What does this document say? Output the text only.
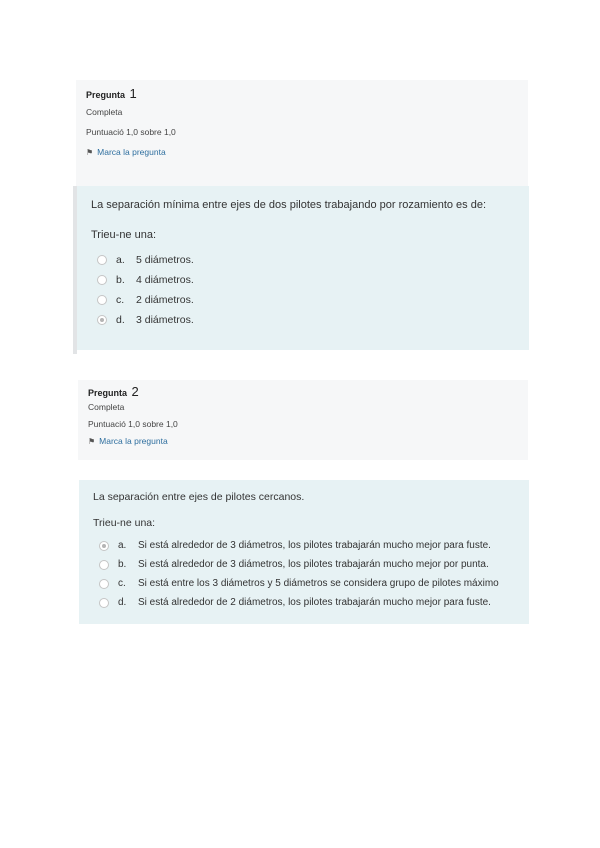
Pregunta 1
Completa
Puntuació 1,0 sobre 1,0
⚑ Marca la pregunta
La separación mínima entre ejes de dos pilotes trabajando por rozamiento es de:
Trieu-ne una:
a.	5 diámetros.
b.	4 diámetros.
c.	2 diámetros.
d.	3 diámetros.
Pregunta 2
Completa
Puntuació 1,0 sobre 1,0
⚑ Marca la pregunta
La separación entre ejes de pilotes cercanos.
Trieu-ne una:
a.	Si está alrededor de 3 diámetros, los pilotes trabajarán mucho mejor para fuste.
b.	Si está alrededor de 3 diámetros, los pilotes trabajarán mucho mejor por punta.
c.	Si está entre los 3 diámetros y 5 diámetros se considera grupo de pilotes máximo
d.	Si está alrededor de 2 diámetros, los pilotes trabajarán mucho mejor para fuste.
